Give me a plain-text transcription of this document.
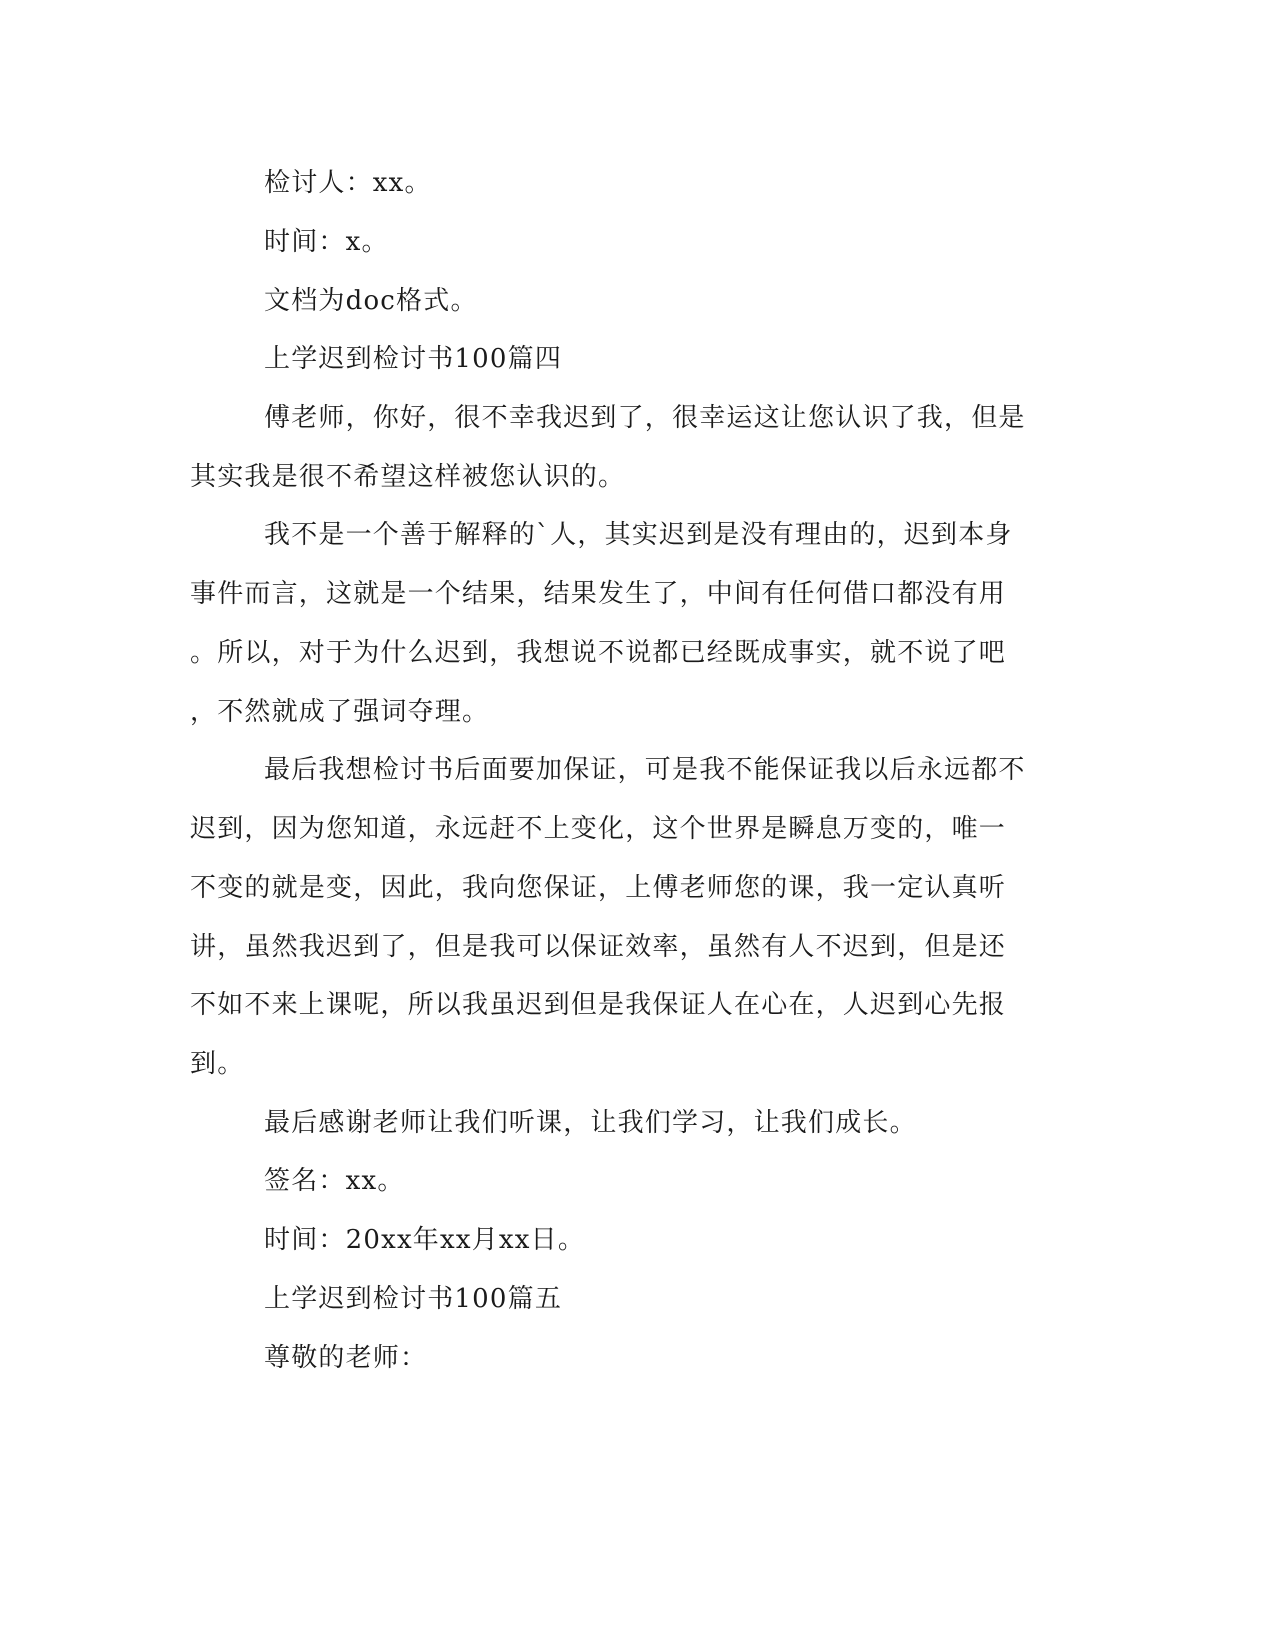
检讨人：xx。
时间：x。
文档为doc格式。
上学迟到检讨书100篇四
傅老师，你好，很不幸我迟到了，很幸运这让您认识了我，但是
其实我是很不希望这样被您认识的。
我不是一个善于解释的`人，其实迟到是没有理由的，迟到本身
事件而言，这就是一个结果，结果发生了，中间有任何借口都没有用
。所以，对于为什么迟到，我想说不说都已经既成事实，就不说了吧
，不然就成了强词夺理。
最后我想检讨书后面要加保证，可是我不能保证我以后永远都不
迟到，因为您知道，永远赶不上变化，这个世界是瞬息万变的，唯一
不变的就是变，因此，我向您保证，上傅老师您的课，我一定认真听
讲，虽然我迟到了，但是我可以保证效率，虽然有人不迟到，但是还
不如不来上课呢，所以我虽迟到但是我保证人在心在，人迟到心先报
到。
最后感谢老师让我们听课，让我们学习，让我们成长。
签名：xx。
时间：20xx年xx月xx日。
上学迟到检讨书100篇五
尊敬的老师：
